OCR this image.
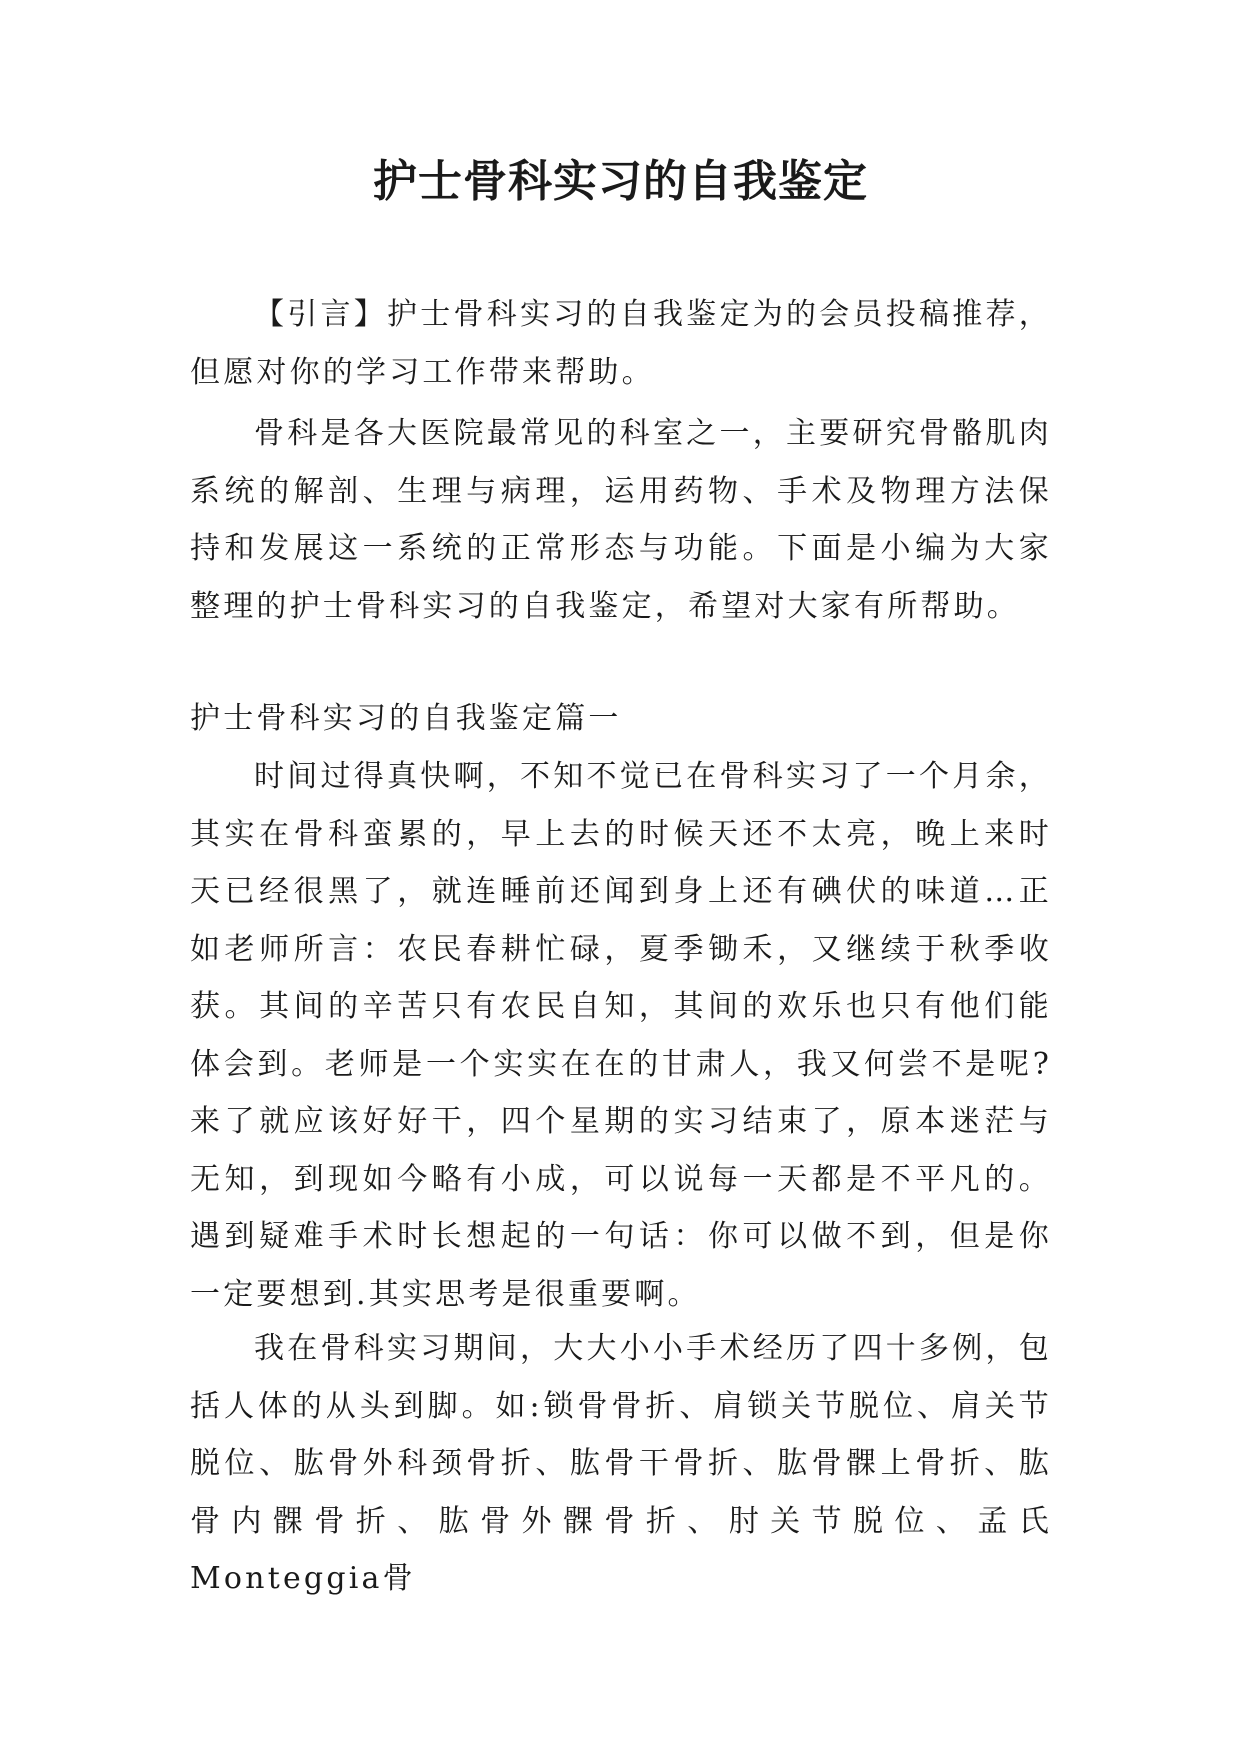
护士骨科实习的自我鉴定

【引言】护士骨科实习的自我鉴定为的会员投稿推荐，但愿对你的学习工作带来帮助。

骨科是各大医院最常见的科室之一，主要研究骨骼肌肉系统的解剖、生理与病理，运用药物、手术及物理方法保持和发展这一系统的正常形态与功能。下面是小编为大家整理的护士骨科实习的自我鉴定，希望对大家有所帮助。

护士骨科实习的自我鉴定篇一

时间过得真快啊，不知不觉已在骨科实习了一个月余，其实在骨科蛮累的，早上去的时候天还不太亮，晚上来时天已经很黑了，就连睡前还闻到身上还有碘伏的味道…正如老师所言：农民春耕忙碌，夏季锄禾，又继续于秋季收获。其间的辛苦只有农民自知，其间的欢乐也只有他们能体会到。老师是一个实实在在的甘肃人，我又何尝不是呢?来了就应该好好干，四个星期的实习结束了，原本迷茫与无知，到现如今略有小成，可以说每一天都是不平凡的。遇到疑难手术时长想起的一句话：你可以做不到，但是你一定要想到.其实思考是很重要啊。

我在骨科实习期间，大大小小手术经历了四十多例，包括人体的从头到脚。如:锁骨骨折、肩锁关节脱位、肩关节脱位、肱骨外科颈骨折、肱骨干骨折、肱骨髁上骨折、肱骨内髁骨折、肱骨外髁骨折、肘关节脱位、孟氏Monteggia骨
